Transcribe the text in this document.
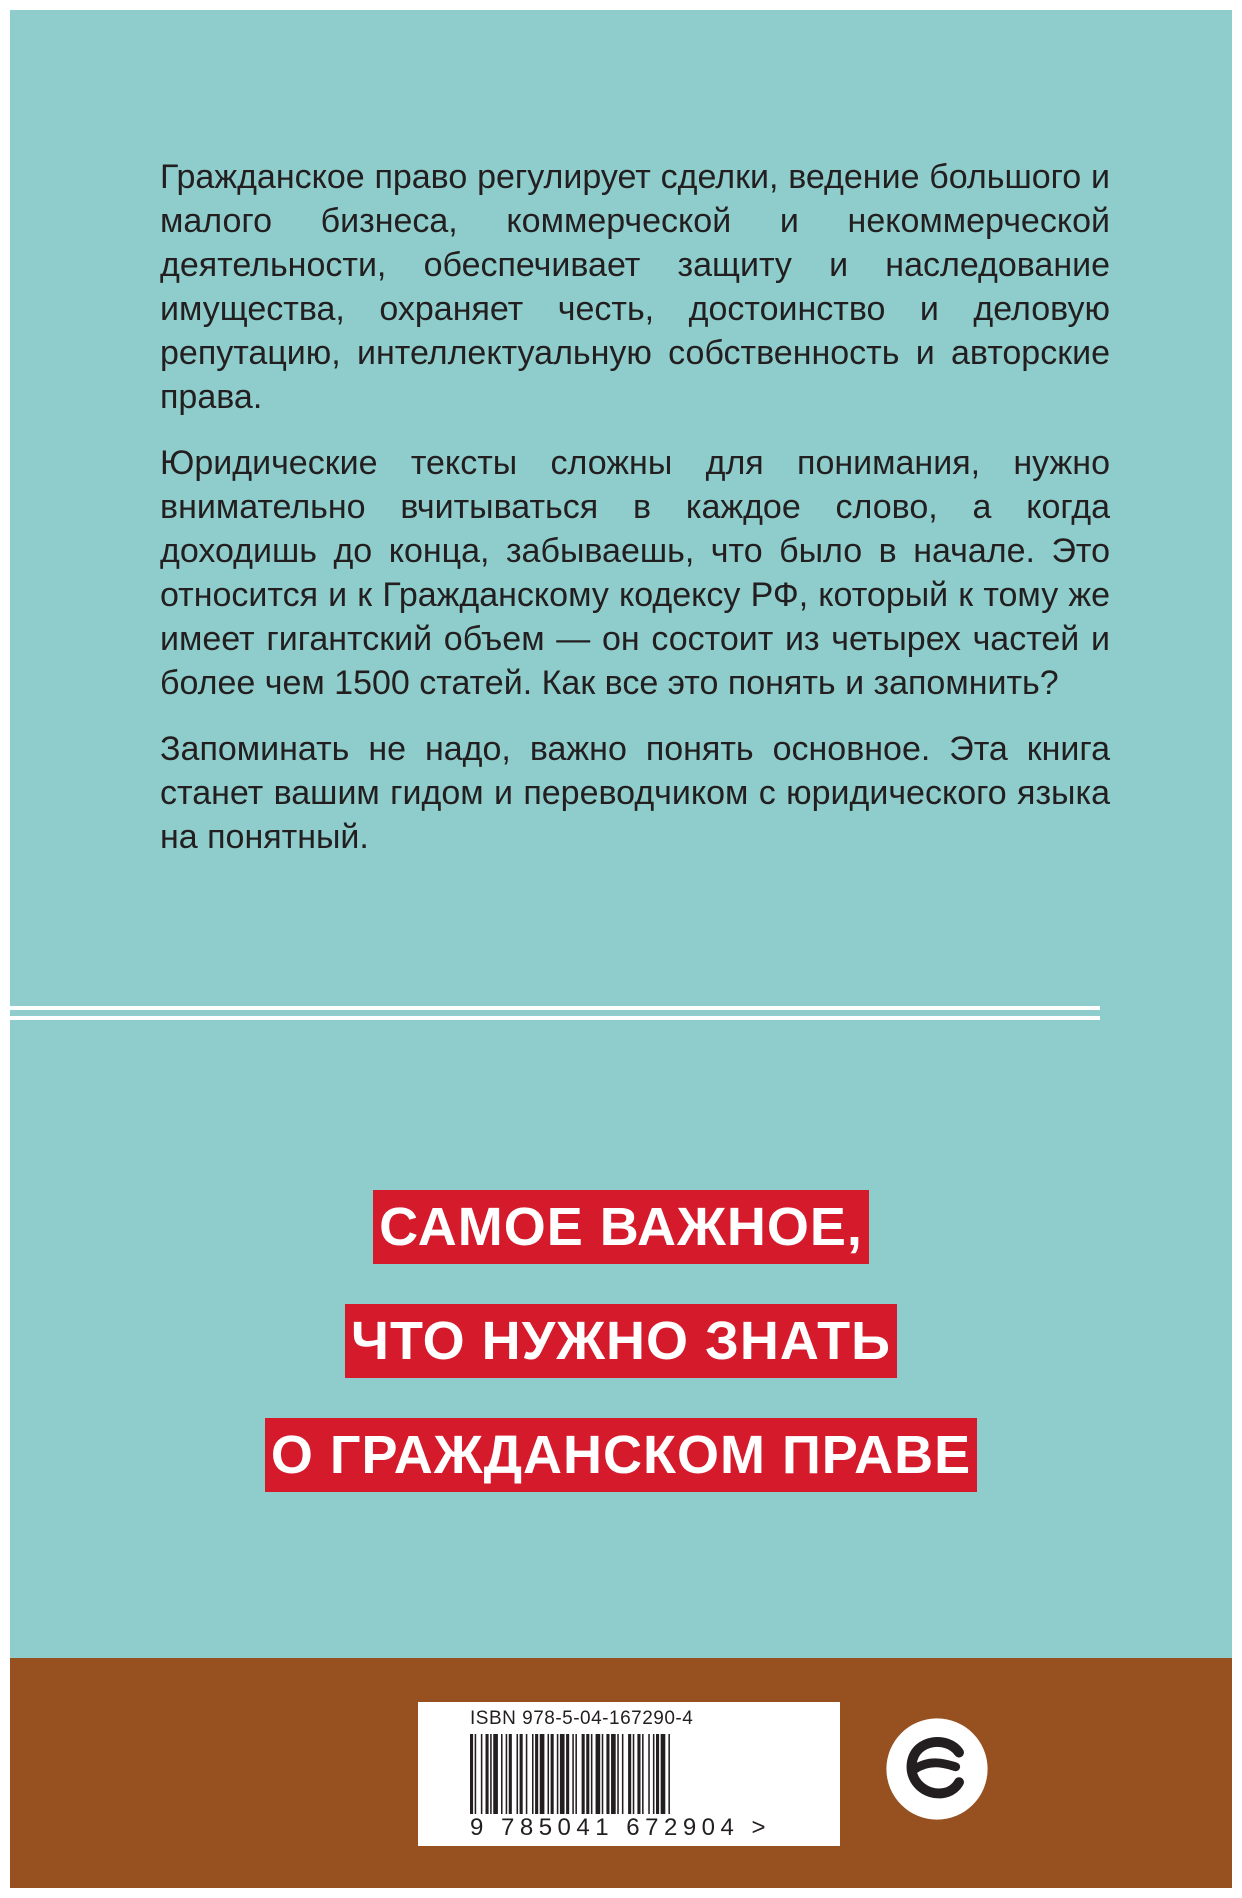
Гражданское право регулирует сделки, ведение большого и малого бизнеса, коммерческой и некоммерческой деятельности, обеспечивает защиту и наследование имущества, охраняет честь, достоинство и деловую репутацию, интеллектуальную собственность и авторские права.

Юридические тексты сложны для понимания, нужно внимательно вчитываться в каждое слово, а когда доходишь до конца, забываешь, что было в начале. Это относится и к Гражданскому кодексу РФ, который к тому же имеет гигантский объем — он состоит из четырех частей и более чем 1500 статей. Как все это понять и запомнить?

Запоминать не надо, важно понять основное. Эта книга станет вашим гидом и переводчиком с юридического языка на понятный.

САМОЕ ВАЖНОЕ,
ЧТО НУЖНО ЗНАТЬ
О ГРАЖДАНСКОМ ПРАВЕ
ISBN 978-5-04-167290-4
9 785041 672904 >
